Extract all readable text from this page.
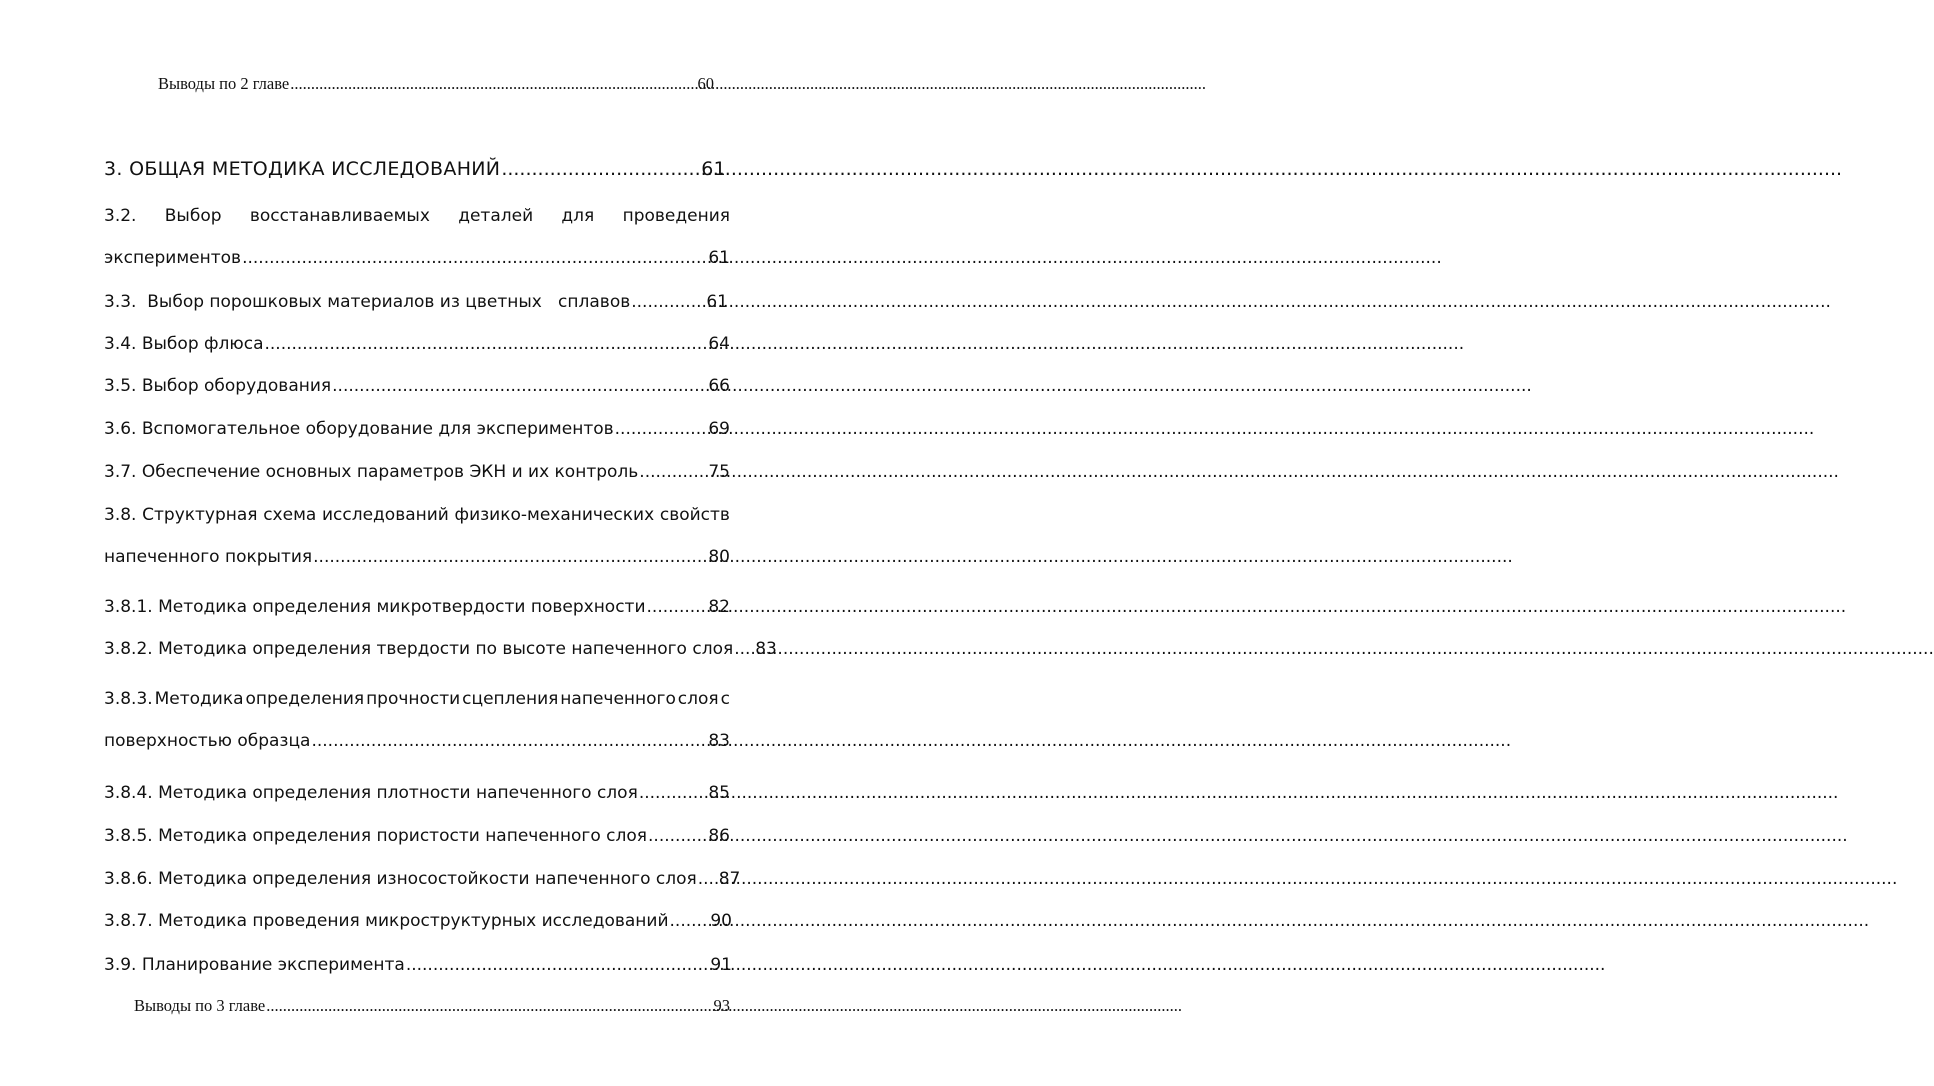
Выводы по 2 главе .....	60
3. ОБЩАЯ МЕТОДИКА ИССЛЕДОВАНИЙ .....	61
3.2. Выбор восстанавливаемых деталей для проведения
экспериментов .....	61
3.3.  Выбор порошковых материалов из цветных   сплавов .....	61
3.4. Выбор флюса .....	64
3.5. Выбор оборудования .....	66
3.6. Вспомогательное оборудование для экспериментов .....	69
3.7. Обеспечение основных параметров ЭКН и их контроль .....	75
3.8. Структурная схема исследований физико-механических свойств
напеченного покрытия .....	80
3.8.1. Методика определения микротвердости поверхности .....	82
3.8.2. Методика определения твердости по высоте напеченного слоя ..... 83
3.8.3. Методика определения прочности сцепления напеченного слоя с
поверхностью образца .....	83
3.8.4. Методика определения плотности напеченного слоя .....	85
3.8.5. Методика определения пористости напеченного слоя .....	86
3.8.6. Методика определения износостойкости напеченного слоя ..... 87
3.8.7. Методика проведения микроструктурных исследований ..... 90
3.9. Планирование эксперимента .....	91
Выводы по 3 главе .....	93
